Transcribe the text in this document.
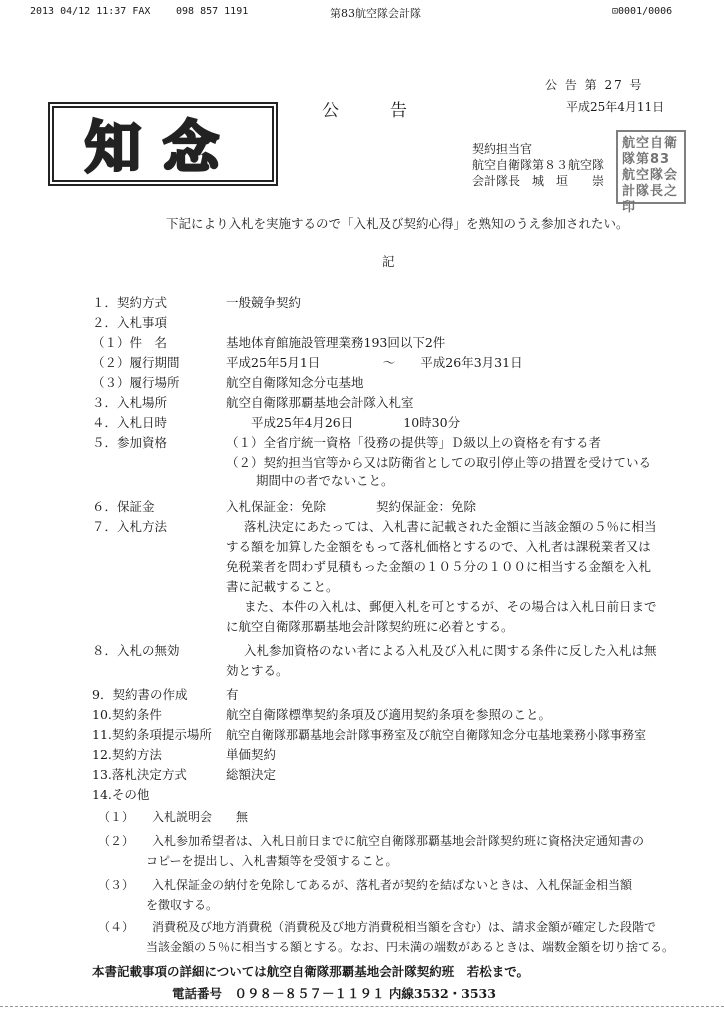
2013 04/12 11:37 FAX	098 857 1191	第83航空隊会計隊	⊡0001/0006
公 告 第 27 号
公　　　告	平成25年4月11日
知念	契約担当官
航空自衛隊第８３航空隊
会計隊長　城　垣　　崇
航空自衛隊第83航空隊会計隊長之印
下記により入札を実施するので「入札及び契約心得」を熟知のうえ参加されたい。
記
１．契約方式	一般競争契約
２．入札事項
（１）件　名	基地体育館施設管理業務193回以下2件
（２）履行期間	平成25年5月1日　　　　　～　　平成26年3月31日
（３）履行場所	航空自衛隊知念分屯基地
３．入札場所	航空自衛隊那覇基地会計隊入札室
４．入札日時	　　平成25年4月26日　　　　10時30分
５．参加資格	（１）全省庁統一資格「役務の提供等」Ｄ級以上の資格を有する者
（２）契約担当官等から又は防衛省としての取引停止等の措置を受けている
期間中の者でないこと。
６．保証金	入札保証金：免除　　　　契約保証金：免除
７．入札方法	落札決定にあたっては、入札書に記載された金額に当該金額の５％に相当
する額を加算した金額をもって落札価格とするので、入札者は課税業者又は
免税業者を問わず見積もった金額の１０５分の１００に相当する金額を入札
書に記載すること。
また、本件の入札は、郵便入札を可とするが、その場合は入札日前日まで
に航空自衛隊那覇基地会計隊契約班に必着とする。
８．入札の無効	入札参加資格のない者による入札及び入札に関する条件に反した入札は無
効とする。
9．契約書の作成	有
10.契約条件	航空自衛隊標準契約条項及び適用契約条項を参照のこと。
11.契約条項提示場所 航空自衛隊那覇基地会計隊事務室及び航空自衛隊知念分屯基地業務小隊事務室
12.契約方法	単価契約
13.落札決定方式	総額決定
14.その他
（１）　　入札説明会　　無
（２）　　入札参加希望者は、入札日前日までに航空自衛隊那覇基地会計隊契約班に資格決定通知書の
　　　　コピーを提出し、入札書類等を受領すること。
（３）　　入札保証金の納付を免除してあるが、落札者が契約を結ばないときは、入札保証金相当額
　　　　を徴収する。
（４）　　消費税及び地方消費税（消費税及び地方消費税相当額を含む）は、請求金額が確定した段階で
　　　　当該金額の５％に相当する額とする。なお、円未満の端数があるときは、端数金額を切り捨てる。
本書記載事項の詳細については航空自衛隊那覇基地会計隊契約班　若松まで。
電話番号　０９８－８５７－１１９１ 内線3532・3533
